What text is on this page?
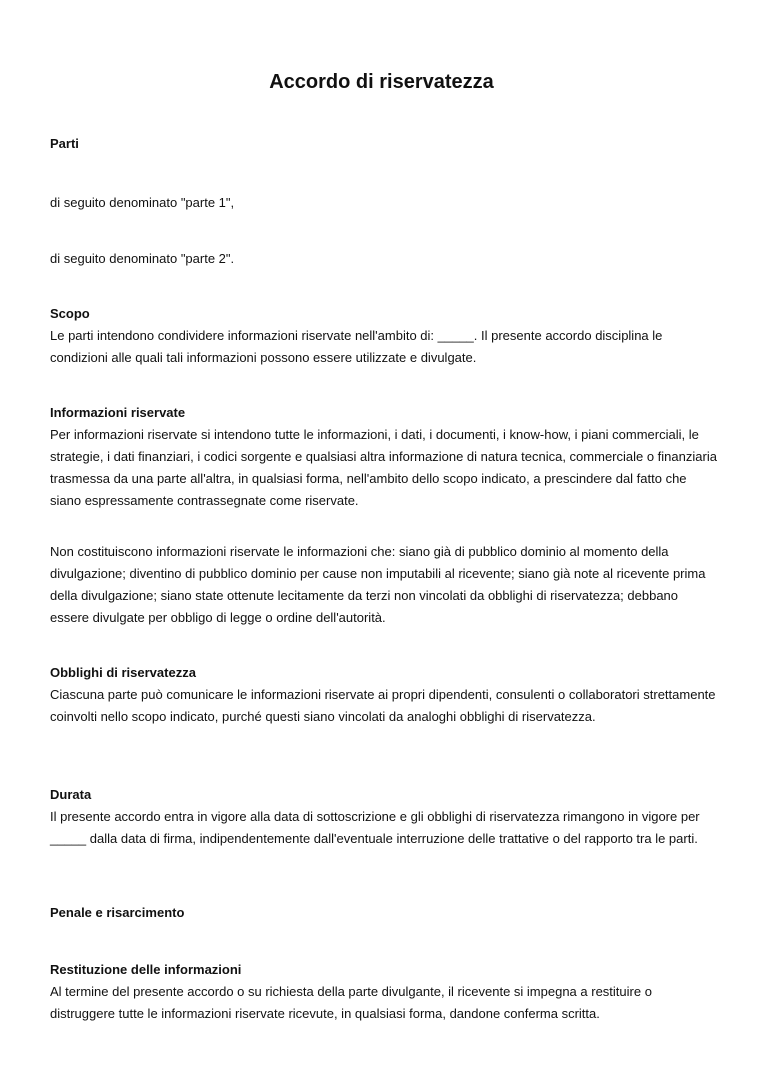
Accordo di riservatezza
Parti

di seguito denominato "parte 1",

di seguito denominato "parte 2".

Scopo

Le parti intendono condividere informazioni riservate nell'ambito di: _____. Il presente accordo disciplina le condizioni alle quali tali informazioni possono essere utilizzate e divulgate.

Informazioni riservate

Per informazioni riservate si intendono tutte le informazioni, i dati, i documenti, i know-how, i piani commerciali, le strategie, i dati finanziari, i codici sorgente e qualsiasi altra informazione di natura tecnica, commerciale o finanziaria trasmessa da una parte all'altra, in qualsiasi forma, nell'ambito dello scopo indicato, a prescindere dal fatto che siano espressamente contrassegnate come riservate.

Non costituiscono informazioni riservate le informazioni che: siano già di pubblico dominio al momento della divulgazione; diventino di pubblico dominio per cause non imputabili al ricevente; siano già note al ricevente prima della divulgazione; siano state ottenute lecitamente da terzi non vincolati da obblighi di riservatezza; debbano essere divulgate per obbligo di legge o ordine dell'autorità.

Obblighi di riservatezza

Ciascuna parte può comunicare le informazioni riservate ai propri dipendenti, consulenti o collaboratori strettamente coinvolti nello scopo indicato, purché questi siano vincolati da analoghi obblighi di riservatezza.

Durata

Il presente accordo entra in vigore alla data di sottoscrizione e gli obblighi di riservatezza rimangono in vigore per _____ dalla data di firma, indipendentemente dall'eventuale interruzione delle trattative o del rapporto tra le parti.

Penale e risarcimento
Restituzione delle informazioni

Al termine del presente accordo o su richiesta della parte divulgante, il ricevente si impegna a restituire o distruggere tutte le informazioni riservate ricevute, in qualsiasi forma, dandone conferma scritta.
